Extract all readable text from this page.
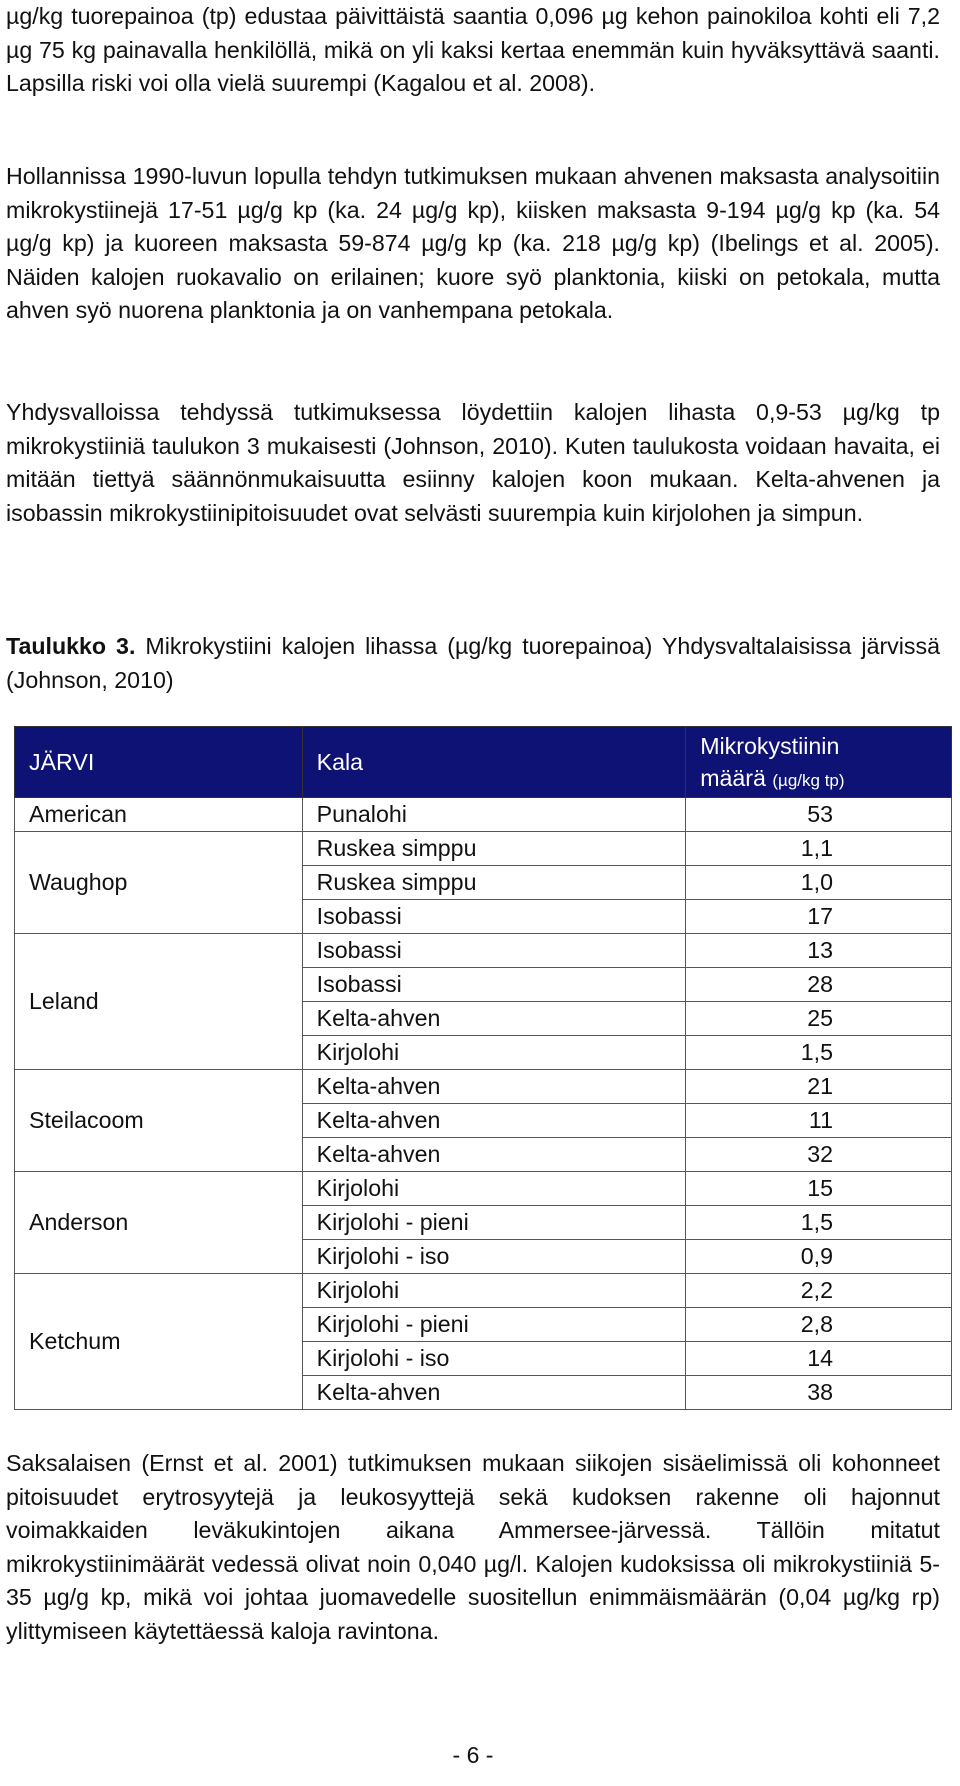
µg/kg tuorepainoa (tp) edustaa päivittäistä saantia 0,096 µg kehon painokiloa kohti eli 7,2 µg 75 kg painavalla henkilöllä, mikä on yli kaksi kertaa enemmän kuin hyväksyttävä saanti. Lapsilla riski voi olla vielä suurempi (Kagalou et al. 2008).

Hollannissa 1990-luvun lopulla tehdyn tutkimuksen mukaan ahvenen maksasta analysoitiin mikrokystiinejä 17-51 µg/g kp (ka. 24 µg/g kp), kiisken maksasta 9-194 µg/g kp (ka. 54 µg/g kp) ja kuoreen maksasta 59-874 µg/g kp (ka. 218 µg/g kp) (Ibelings et al. 2005). Näiden kalojen ruokavalio on erilainen; kuore syö planktonia, kiiski on petokala, mutta ahven syö nuorena planktonia ja on vanhempana petokala.

Yhdysvalloissa tehdyssä tutkimuksessa löydettiin kalojen lihasta 0,9-53 µg/kg tp mikrokystiiniä taulukon 3 mukaisesti (Johnson, 2010). Kuten taulukosta voidaan havaita, ei mitään tiettyä säännönmukaisuutta esiinny kalojen koon mukaan. Kelta-ahvenen ja isobassin mikrokystiinipitoisuudet ovat selvästi suurempia kuin kirjolohen ja simpun.

Taulukko 3. Mikrokystiini kalojen lihassa (µg/kg tuorepainoa) Yhdysvaltalaisissa järvissä (Johnson, 2010)

Saksalaisen (Ernst et al. 2001) tutkimuksen mukaan siikojen sisäelimissä oli kohonneet pitoisuudet erytrosyytejä ja leukosyyttejä sekä kudoksen rakenne oli hajonnut voimakkaiden leväkukintojen aikana Ammersee-järvessä. Tällöin mitatut mikrokystiinimäärät vedessä olivat noin 0,040 µg/l. Kalojen kudoksissa oli mikrokystiiniä 5-35 µg/g kp, mikä voi johtaa juomavedelle suositellun enimmäismäärän (0,04 µg/kg rp) ylittymiseen käytettäessä kaloja ravintona.

- 6 -
JÄRVI	Kala	Mikrokystiinin
määrä (µg/kg tp)
American	Punalohi	53
Waughop	Ruskea simppu	1,1
	Ruskea simppu	1,0
	Isobassi	17
Leland	Isobassi	13
	Isobassi	28
	Kelta-ahven	25
	Kirjolohi	1,5
Steilacoom	Kelta-ahven	21
	Kelta-ahven	11
	Kelta-ahven	32
Anderson	Kirjolohi	15
	Kirjolohi - pieni	1,5
	Kirjolohi - iso	0,9
Ketchum	Kirjolohi	2,2
	Kirjolohi - pieni	2,8
	Kirjolohi - iso	14
	Kelta-ahven	38
